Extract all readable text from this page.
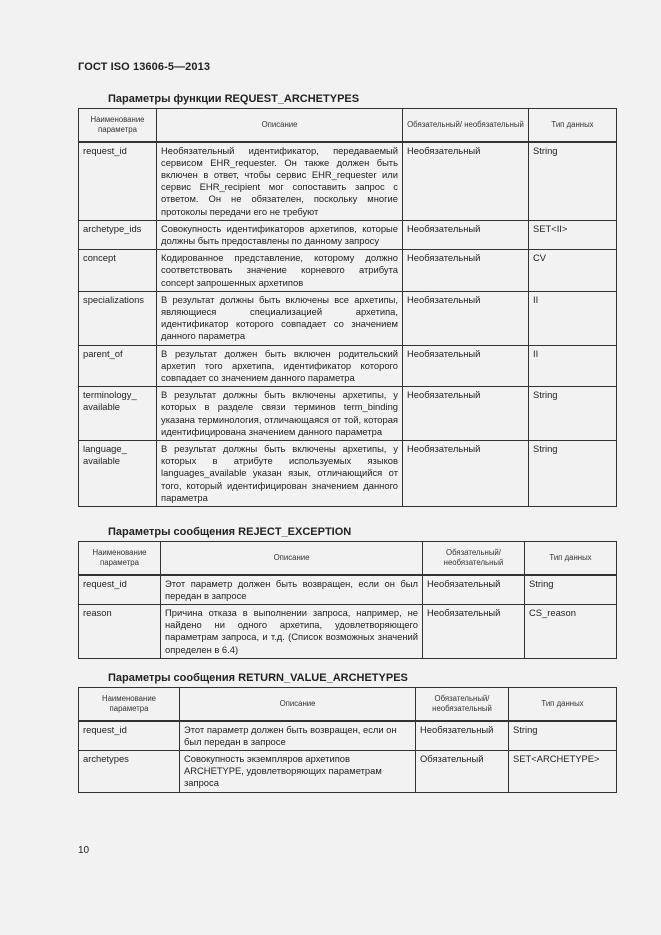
ГОСТ ISO 13606-5—2013
Параметры функции REQUEST_ARCHETYPES
Наименование параметра	Описание	Обязательный/ необязательный	Тип данных
request_id	Необязательный идентификатор, передаваемый сервисом EHR_requester. Он также должен быть включен в ответ, чтобы сервис EHR_requester или сервис EHR_recipient мог сопоставить запрос с ответом. Он не обязателен, поскольку многие протоколы передачи его не требуют	Необязательный	String
archetype_ids	Совокупность идентификаторов архетипов, которые должны быть предоставлены по данному запросу	Необязательный	SET<II>
concept	Кодированное представление, которому должно соответствовать значение корневого атрибута concept запрошенных архетипов	Необязательный	CV
specializations	В результат должны быть включены все архетипы, являющиеся специализацией архетипа, идентификатор которого совпадает со значением данного параметра	Необязательный	II
parent_of	В результат должен быть включен родительский архетип того архетипа, идентификатор которого совпадает со значением данного параметра	Необязательный	II
terminology_ available	В результат должны быть включены архетипы, у которых в разделе связи терминов term_binding указана терминология, отличающаяся от той, которая идентифицирована значением данного параметра	Необязательный	String
language_ available	В результат должны быть включены архетипы, у которых в атрибуте используемых языков languages_available указан язык, отличающийся от того, который идентифицирован значением данного параметра	Необязательный	String
Параметры сообщения REJECT_EXCEPTION
Наименование параметра	Описание	Обязательный/ необязательный	Тип данных
request_id	Этот параметр должен быть возвращен, если он был передан в запросе	Необязательный	String
reason	Причина отказа в выполнении запроса, например, не найдено ни одного архетипа, удовлетворяющего параметрам запроса, и т.д. (Список возможных значений определен в 6.4)	Необязательный	CS_reason
Параметры сообщения RETURN_VALUE_ARCHETYPES
Наименование параметра	Описание	Обязательный/ необязательный	Тип данных
request_id	Этот параметр должен быть возвращен, если он был передан в запросе	Необязательный	String
archetypes	Совокупность экземпляров архетипов ARCHETYPE, удовлетворяющих параметрам запроса	Обязательный	SET<ARCHETYPE>
10
